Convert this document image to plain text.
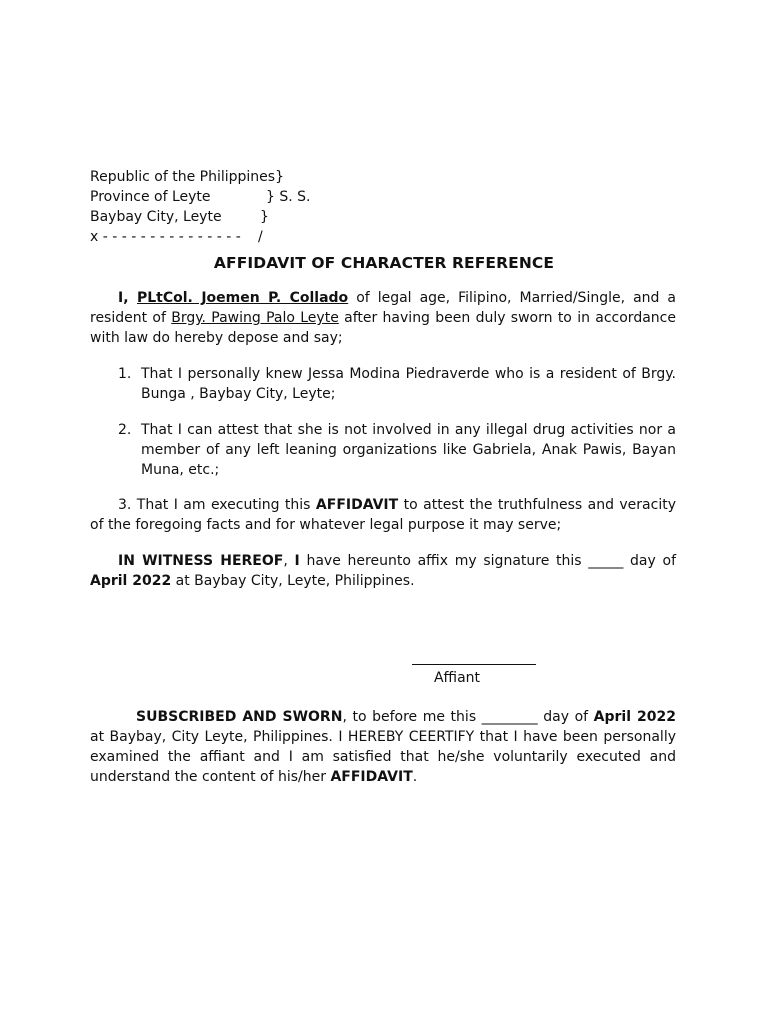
Republic of the Philippines}

Province of Leyte

	} S. S.

Baybay City, Leyte

	}

x - - - - - - - - - - - - - - -

/

AFFIDAVIT OF CHARACTER REFERENCE
I, PLtCol. Joemen P. Collado of legal age, Filipino, Married/Single, and a resident of Brgy. Pawing Palo Leyte after having been duly sworn to in accordance with law do hereby depose and say;
1. That I personally knew Jessa Modina Piedraverde who is a resident of Brgy. Bunga , Baybay City, Leyte;
2. That I can attest that she is not involved in any illegal drug activities nor a member of any left leaning organizations like Gabriela, Anak Pawis, Bayan Muna, etc.;
3. That I am executing this AFFIDAVIT to attest the truthfulness and veracity of the foregoing facts and for whatever legal purpose it may serve;
IN WITNESS HEREOF, I have hereunto affix my signature this _____ day of April 2022 at Baybay City, Leyte, Philippines.
Affiant
SUBSCRIBED AND SWORN, to before me this ________ day of April 2022 at Baybay, City Leyte, Philippines. I HEREBY CEERTIFY that I have been personally examined the affiant and I am satisfied that he/she voluntarily executed and understand the content of his/her AFFIDAVIT.
